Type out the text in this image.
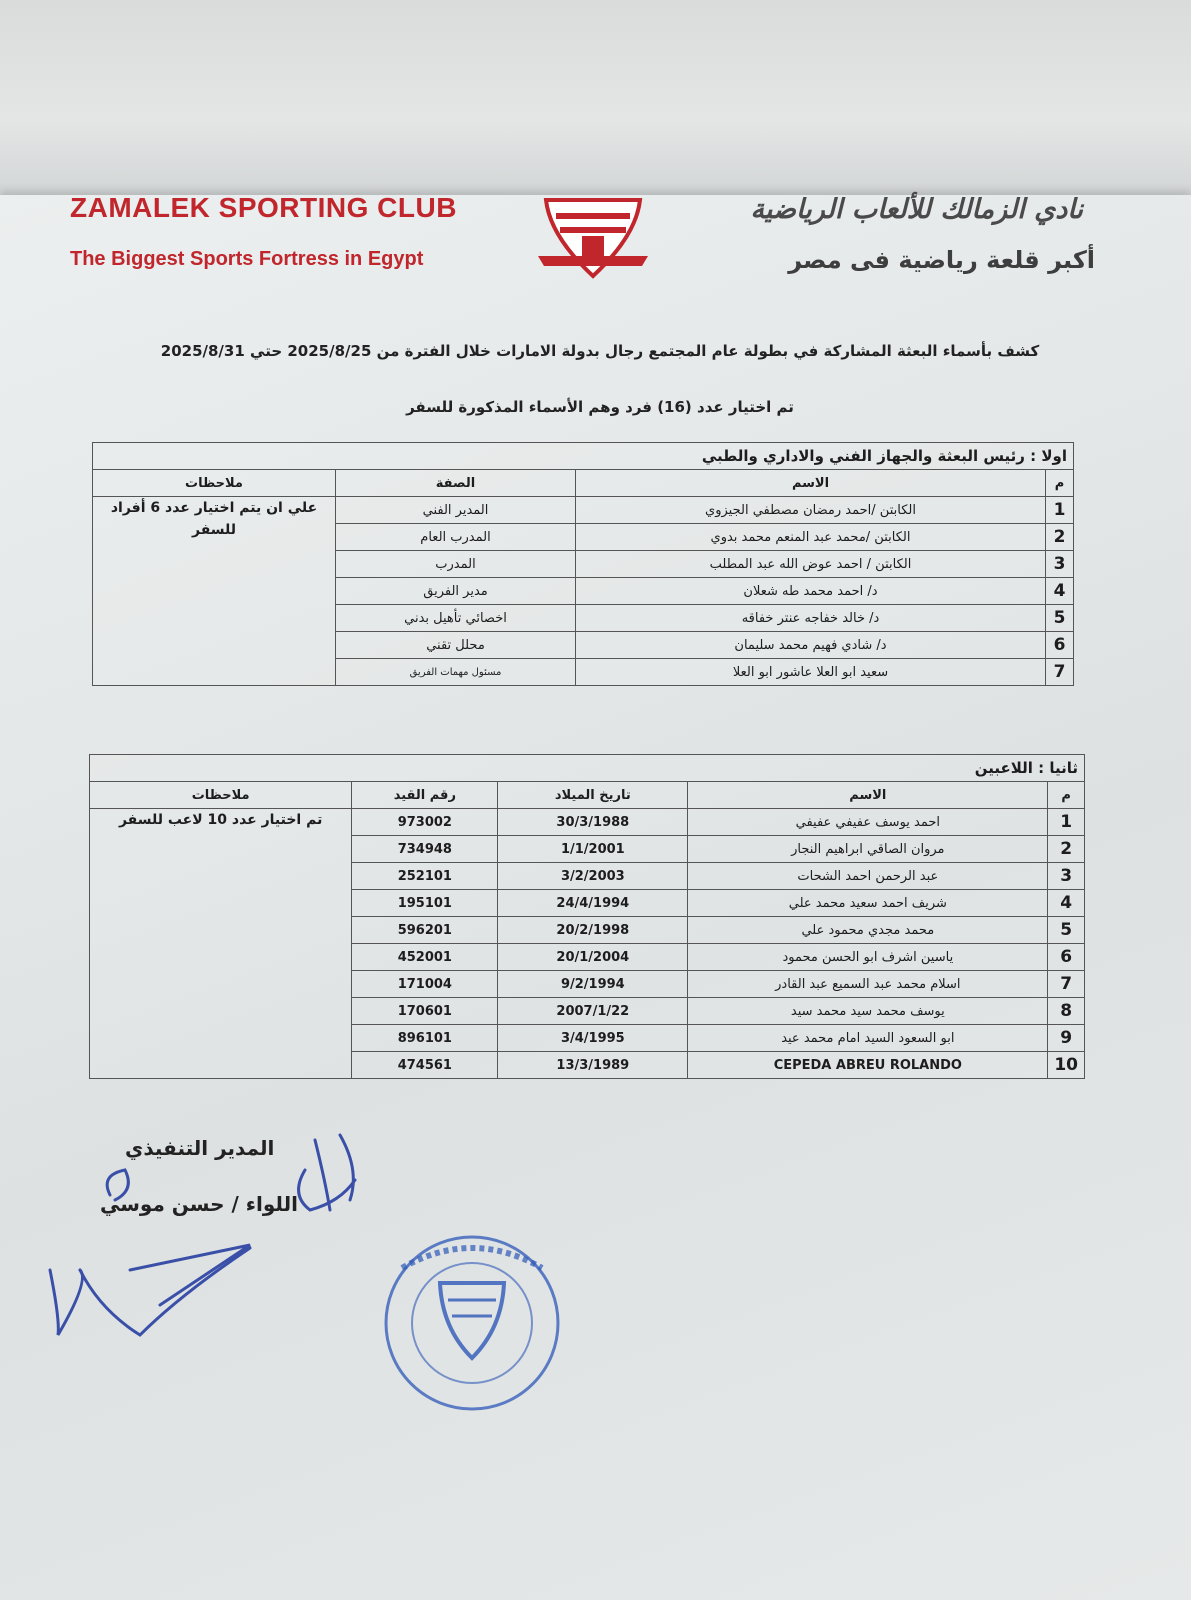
ZAMALEK SPORTING CLUB
The Biggest Sports Fortress in Egypt
نادي الزمالك للألعاب الرياضية
أكبر قلعة رياضية فى مصر
كشف بأسماء البعثة المشاركة في بطولة عام المجتمع رجال بدولة الامارات خلال الفترة من 2025/8/25 حتي 2025/8/31
تم اختيار عدد (16) فرد وهم الأسماء المذكورة للسفر
اولا : رئيس البعثة والجهاز الفني والاداري والطبي			
م	الاسم	الصفة	ملاحظات
1	الكابتن /احمد رمضان مصطفي الجيزوي	المدير الفني	علي ان يتم اختيار عدد 6 أفراد للسفر
2	الكابتن /محمد عبد المنعم محمد بدوي	المدرب العام	
3	الكابتن / احمد عوض الله عبد المطلب	المدرب	
4	د/ احمد محمد طه شعلان	مدير الفريق	
5	د/ خالد خفاجه عنتر خفاقه	اخصائي تأهيل بدني	
6	د/ شادي فهيم محمد سليمان	محلل تقني	
7	سعيد ابو العلا عاشور ابو العلا	مسئول مهمات الفريق	
ثانيا : اللاعبين				
م	الاسم	تاريخ الميلاد	رقم القيد	ملاحظات
1	احمد يوسف عفيفي عفيفي	30/3/1988	973002	تم اختيار عدد 10 لاعب للسفر
2	مروان الصاقي ابراهيم النجار	1/1/2001	734948	
3	عبد الرحمن احمد الشحات	3/2/2003	252101	
4	شريف احمد سعيد محمد علي	24/4/1994	195101	
5	محمد مجدي محمود علي	20/2/1998	596201	
6	ياسين اشرف ابو الحسن محمود	20/1/2004	452001	
7	اسلام محمد عبد السميع عبد القادر	9/2/1994	171004	
8	يوسف محمد سيد محمد سيد	2007/1/22	170601	
9	ابو السعود السيد امام محمد عيد	3/4/1995	896101	
10	CEPEDA ABREU ROLANDO	13/3/1989	474561	
المدير التنفيذي
اللواء / حسن موسي
